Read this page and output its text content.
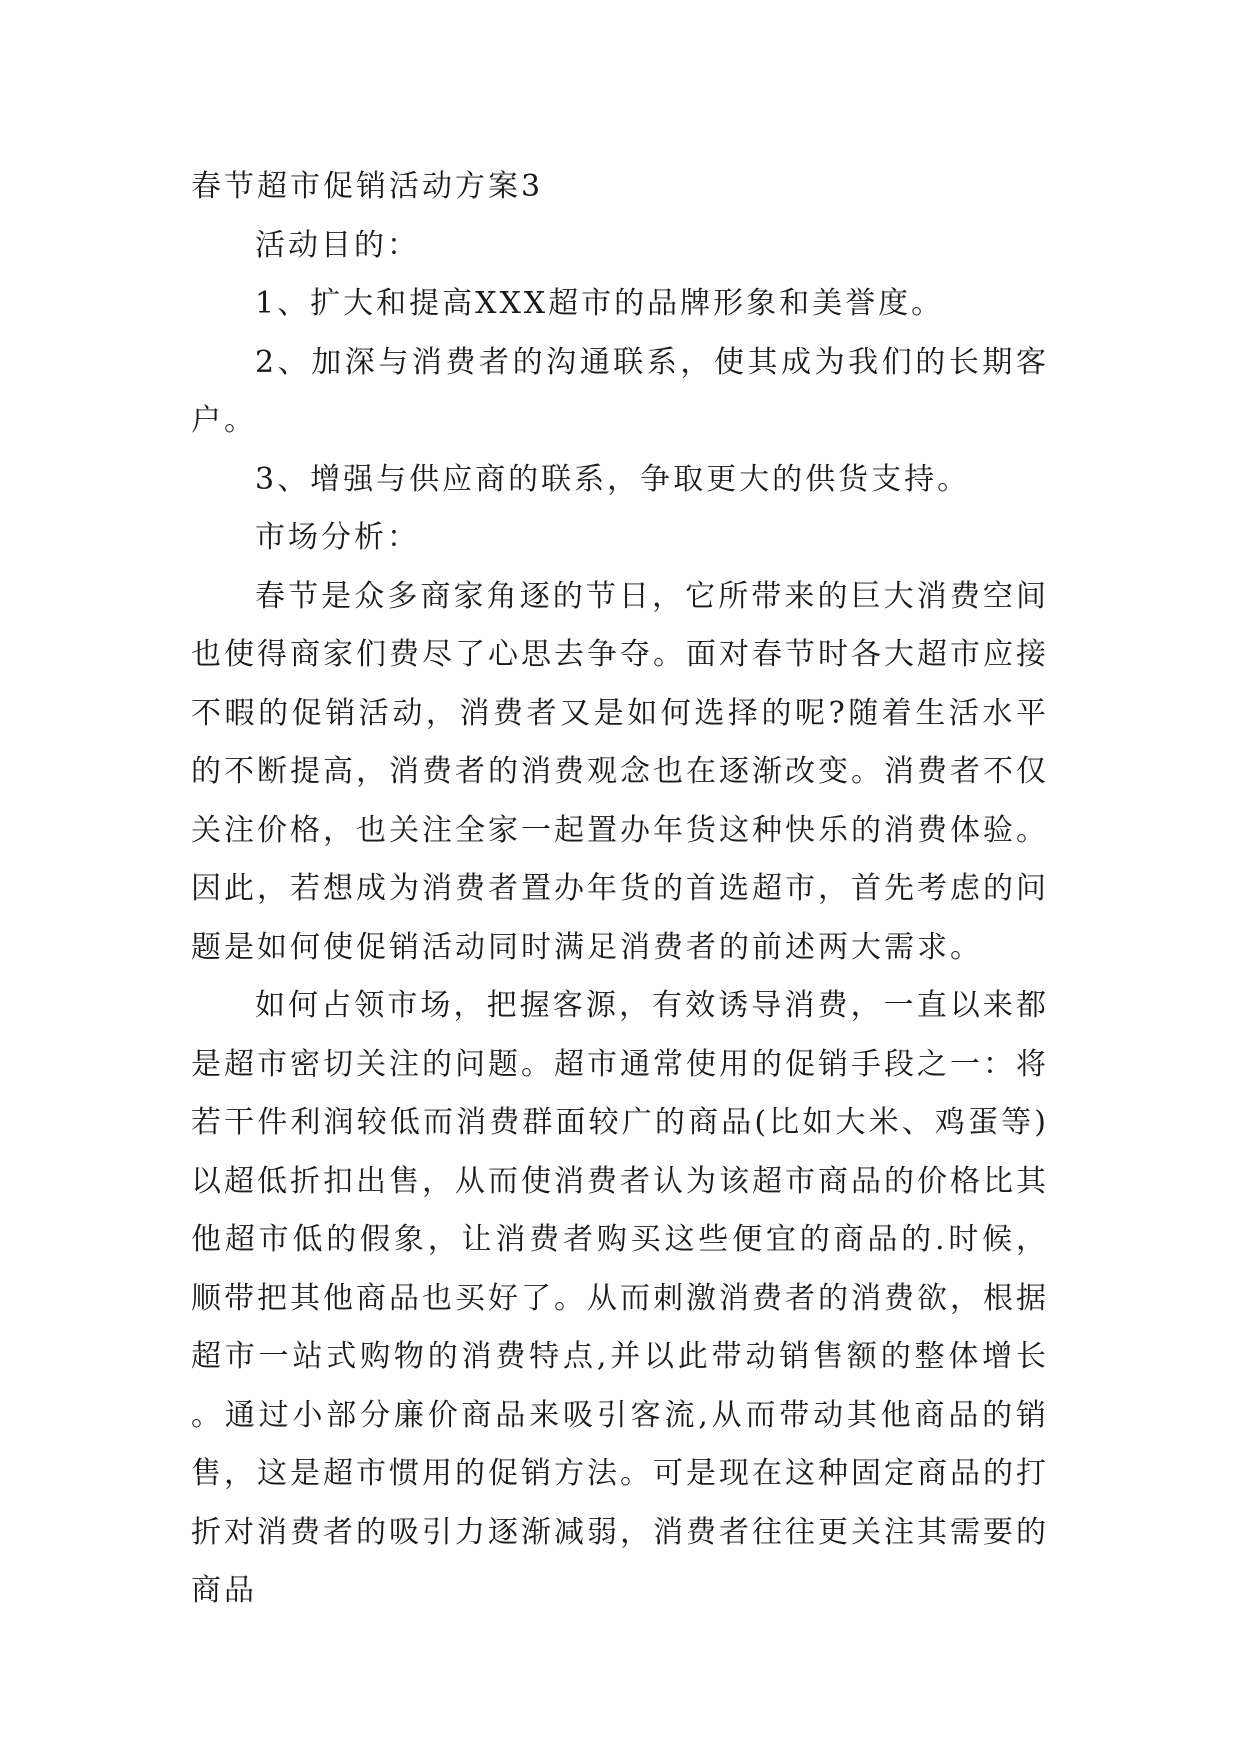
春节超市促销活动方案3

活动目的：

1、扩大和提高XXX超市的品牌形象和美誉度。

2、加深与消费者的沟通联系，使其成为我们的长期客户。

3、增强与供应商的联系，争取更大的供货支持。

市场分析：

春节是众多商家角逐的节日，它所带来的巨大消费空间也使得商家们费尽了心思去争夺。面对春节时各大超市应接不暇的促销活动，消费者又是如何选择的呢?随着生活水平的不断提高，消费者的消费观念也在逐渐改变。消费者不仅关注价格，也关注全家一起置办年货这种快乐的消费体验。因此，若想成为消费者置办年货的首选超市，首先考虑的问题是如何使促销活动同时满足消费者的前述两大需求。

如何占领市场，把握客源，有效诱导消费，一直以来都是超市密切关注的问题。超市通常使用的促销手段之一：将若干件利润较低而消费群面较广的商品(比如大米、鸡蛋等)以超低折扣出售，从而使消费者认为该超市商品的价格比其他超市低的假象，让消费者购买这些便宜的商品的.时候，顺带把其他商品也买好了。从而刺激消费者的消费欲，根据超市一站式购物的消费特点,并以此带动销售额的整体增长。通过小部分廉价商品来吸引客流,从而带动其他商品的销售，这是超市惯用的促销方法。可是现在这种固定商品的打折对消费者的吸引力逐渐减弱，消费者往往更关注其需要的商品
